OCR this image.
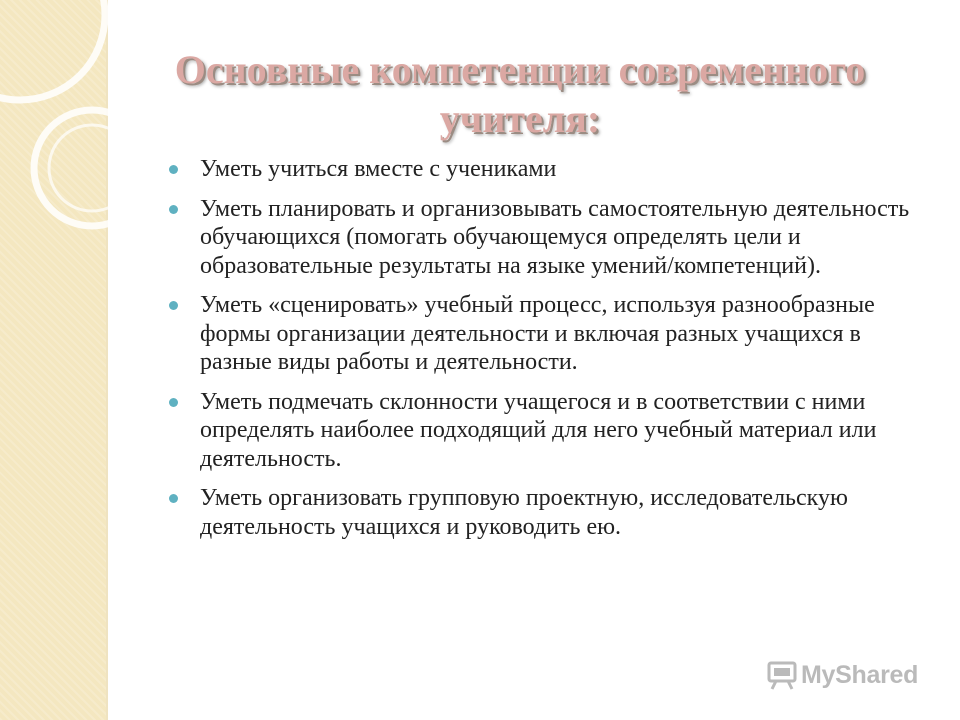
Основные компетенции современного
учителя:
Уметь учиться вместе с учениками
Уметь планировать и организовывать самостоятельную деятельность обучающихся (помогать обучающемуся определять цели и образовательные результаты на языке умений/компетенций).
Уметь «сценировать» учебный процесс, используя разнообразные формы организации деятельности и включая разных учащихся в разные виды работы и деятельности.
Уметь подмечать склонности учащегося и в соответствии с ними определять наиболее подходящий для него учебный материал или деятельность.
Уметь организовать групповую проектную, исследовательскую деятельность учащихся и руководить ею.
MyShared
